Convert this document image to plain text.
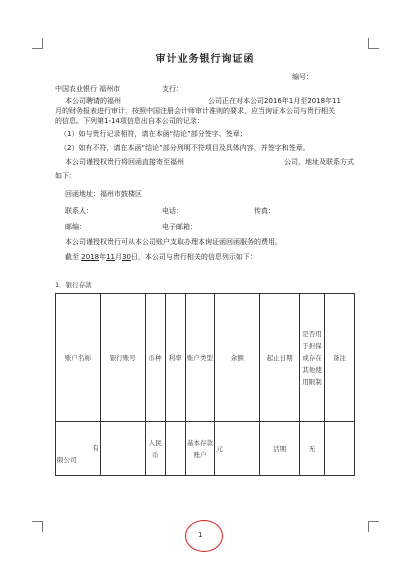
审计业务银行询证函
编号：
中国农业银行 福州市	支行：
本公司聘请的福州	公司正在对本公司2016年1月至2018年11
月的财务报表进行审计，按照中国注册会计师审计准则的要求，应当询证本公司与贵行相关
的信息。下列第1-14项信息出自本公司的记录：
（1）如与贵行记录相符，请在本函“结论”部分签字、签章；
（2）如有不符，请在本函“结论”部分列明不符项目及具体内容，并签字和签章。
本公司谨授权贵行将回函直接寄至福州	公司，地址及联系方式
如下：
回函地址：福州市鼓楼区
联系人：	电话：	传真：
邮编：	电子邮箱：
本公司谨授权贵行可从本公司账户支取办理本询证函回函服务的费用。
截至 2018年11月30日，本公司与贵行相关的信息列示如下：
1．银行存款
账户名称	银行账号	币种	利率	账户类型	余额	起止日期	是否用于担保或存在其他使用限制	备注

有
限公司		人民币		基本存款账户	元	活期	无	
1
